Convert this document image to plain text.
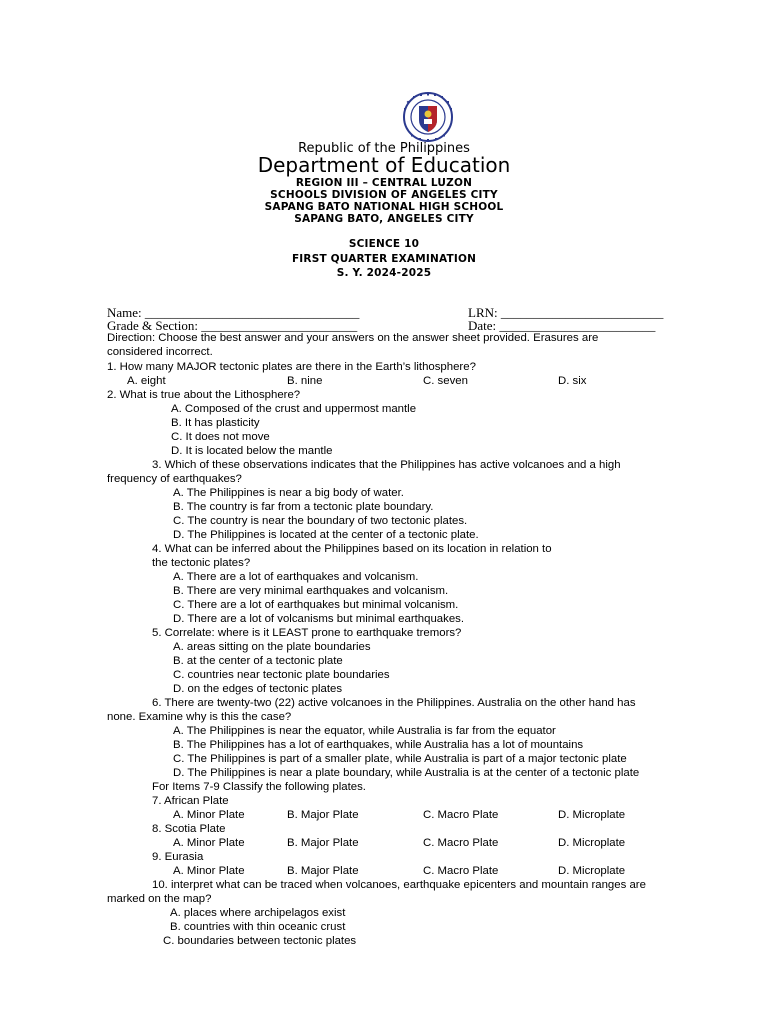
Republic of the Philippines
Department of Education
REGION III – CENTRAL LUZON
SCHOOLS DIVISION OF ANGELES CITY
SAPANG BATO NATIONAL HIGH SCHOOL
SAPANG BATO, ANGELES CITY
SCIENCE 10
FIRST QUARTER EXAMINATION
S. Y. 2024-2025
Name: _________________________________	LRN: _________________________
Grade & Section: ________________________	Date: ________________________
Direction: Choose the best answer and your answers on the answer sheet provided. Erasures are
considered incorrect.
1. How many MAJOR tectonic plates are there in the Earth’s lithosphere?
A. eight	B. nine	C. seven	D. six
2. What is true about the Lithosphere?
A. Composed of the crust and uppermost mantle
B. It has plasticity
C. It does not move
D. It is located below the mantle
3. Which of these observations indicates that the Philippines has active volcanoes and a high
frequency of earthquakes?
A. The Philippines is near a big body of water.
B. The country is far from a tectonic plate boundary.
C. The country is near the boundary of two tectonic plates.
D. The Philippines is located at the center of a tectonic plate.
4. What can be inferred about the Philippines based on its location in relation to
the tectonic plates?
A. There are a lot of earthquakes and volcanism.
B. There are very minimal earthquakes and volcanism.
C. There are a lot of earthquakes but minimal volcanism.
D. There are a lot of volcanisms but minimal earthquakes.
5. Correlate: where is it LEAST prone to earthquake tremors?
A. areas sitting on the plate boundaries
B. at the center of a tectonic plate
C. countries near tectonic plate boundaries
D. on the edges of tectonic plates
6. There are twenty-two (22) active volcanoes in the Philippines. Australia on the other hand has
none. Examine why is this the case?
A. The Philippines is near the equator, while Australia is far from the equator
B. The Philippines has a lot of earthquakes, while Australia has a lot of mountains
C. The Philippines is part of a smaller plate, while Australia is part of a major tectonic plate
D. The Philippines is near a plate boundary, while Australia is at the center of a tectonic plate
For Items 7-9 Classify the following plates.
7. African Plate
A. Minor Plate	B. Major Plate	C. Macro Plate	D. Microplate
8. Scotia Plate
A. Minor Plate	B. Major Plate	C. Macro Plate	D. Microplate
9. Eurasia
A. Minor Plate	B. Major Plate	C. Macro Plate	D. Microplate
10. interpret what can be traced when volcanoes, earthquake epicenters and mountain ranges are
marked on the map?
A. places where archipelagos exist
B. countries with thin oceanic crust
C. boundaries between tectonic plates
